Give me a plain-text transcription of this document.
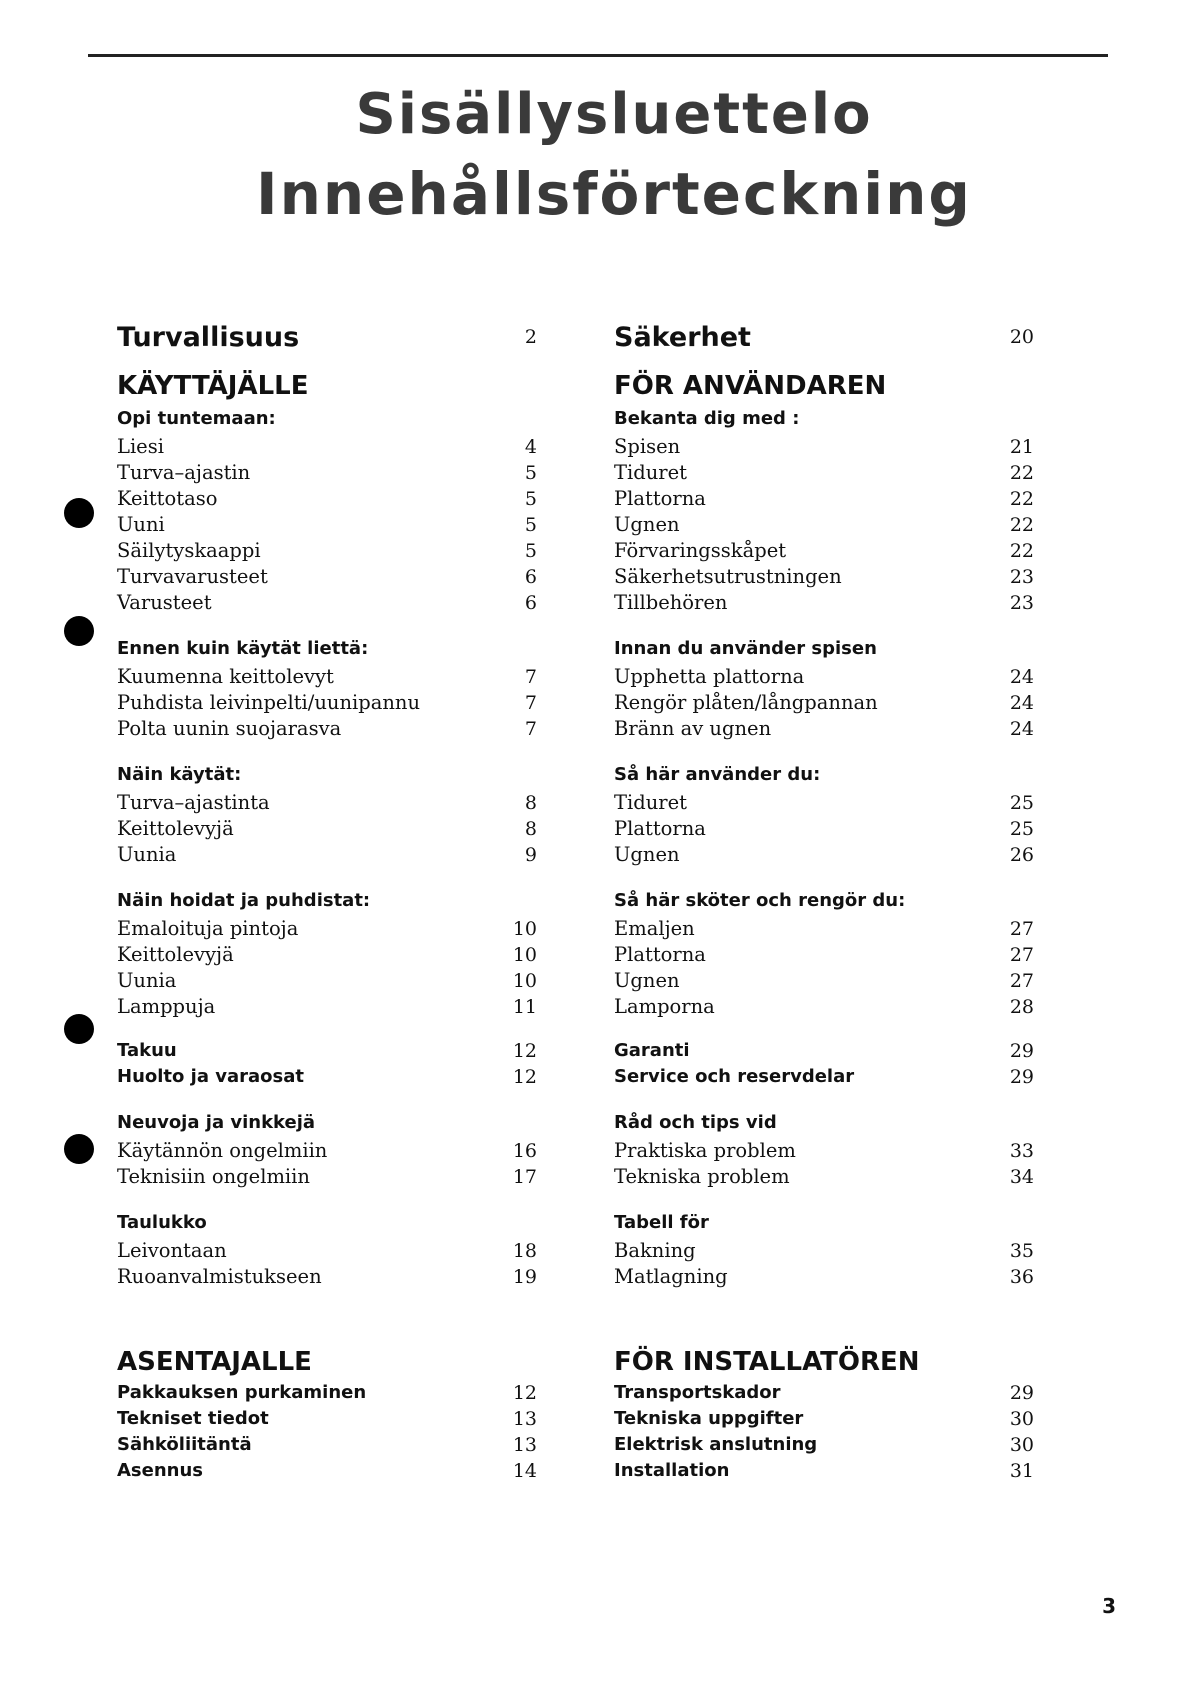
Sisällysluettelo
Innehållsförteckning
Turvallisuus	2
KÄYTTÄJÄLLE
Opi tuntemaan:
Liesi	4
Turva–ajastin	5
Keittotaso	5
Uuni	5
Säilytyskaappi	5
Turvavarusteet	6
Varusteet	6
Ennen kuin käytät liettä:
Kuumenna keittolevyt	7
Puhdista leivinpelti/uunipannu	7
Polta uunin suojarasva	7
Näin käytät:
Turva–ajastinta	8
Keittolevyjä	8
Uunia	9
Näin hoidat ja puhdistat:
Emaloituja pintoja	10
Keittolevyjä	10
Uunia	10
Lamppuja	11
Takuu	12
Huolto ja varaosat	12
Neuvoja ja vinkkejä
Käytännön ongelmiin	16
Teknisiin ongelmiin	17
Taulukko
Leivontaan	18
Ruoanvalmistukseen	19
ASENTAJALLE
Pakkauksen purkaminen	12
Tekniset tiedot	13
Sähköliitäntä	13
Asennus	14
Säkerhet	20
FÖR ANVÄNDAREN
Bekanta dig med :
Spisen	21
Tiduret	22
Plattorna	22
Ugnen	22
Förvaringsskåpet	22
Säkerhetsutrustningen	23
Tillbehören	23
Innan du använder spisen
Upphetta plattorna	24
Rengör plåten/långpannan	24
Bränn av ugnen	24
Så här använder du:
Tiduret	25
Plattorna	25
Ugnen	26
Så här sköter och rengör du:
Emaljen	27
Plattorna	27
Ugnen	27
Lamporna	28
Garanti	29
Service och reservdelar	29
Råd och tips vid
Praktiska problem	33
Tekniska problem	34
Tabell för
Bakning	35
Matlagning	36
FÖR INSTALLATÖREN
Transportskador	29
Tekniska uppgifter	30
Elektrisk anslutning	30
Installation	31
3
